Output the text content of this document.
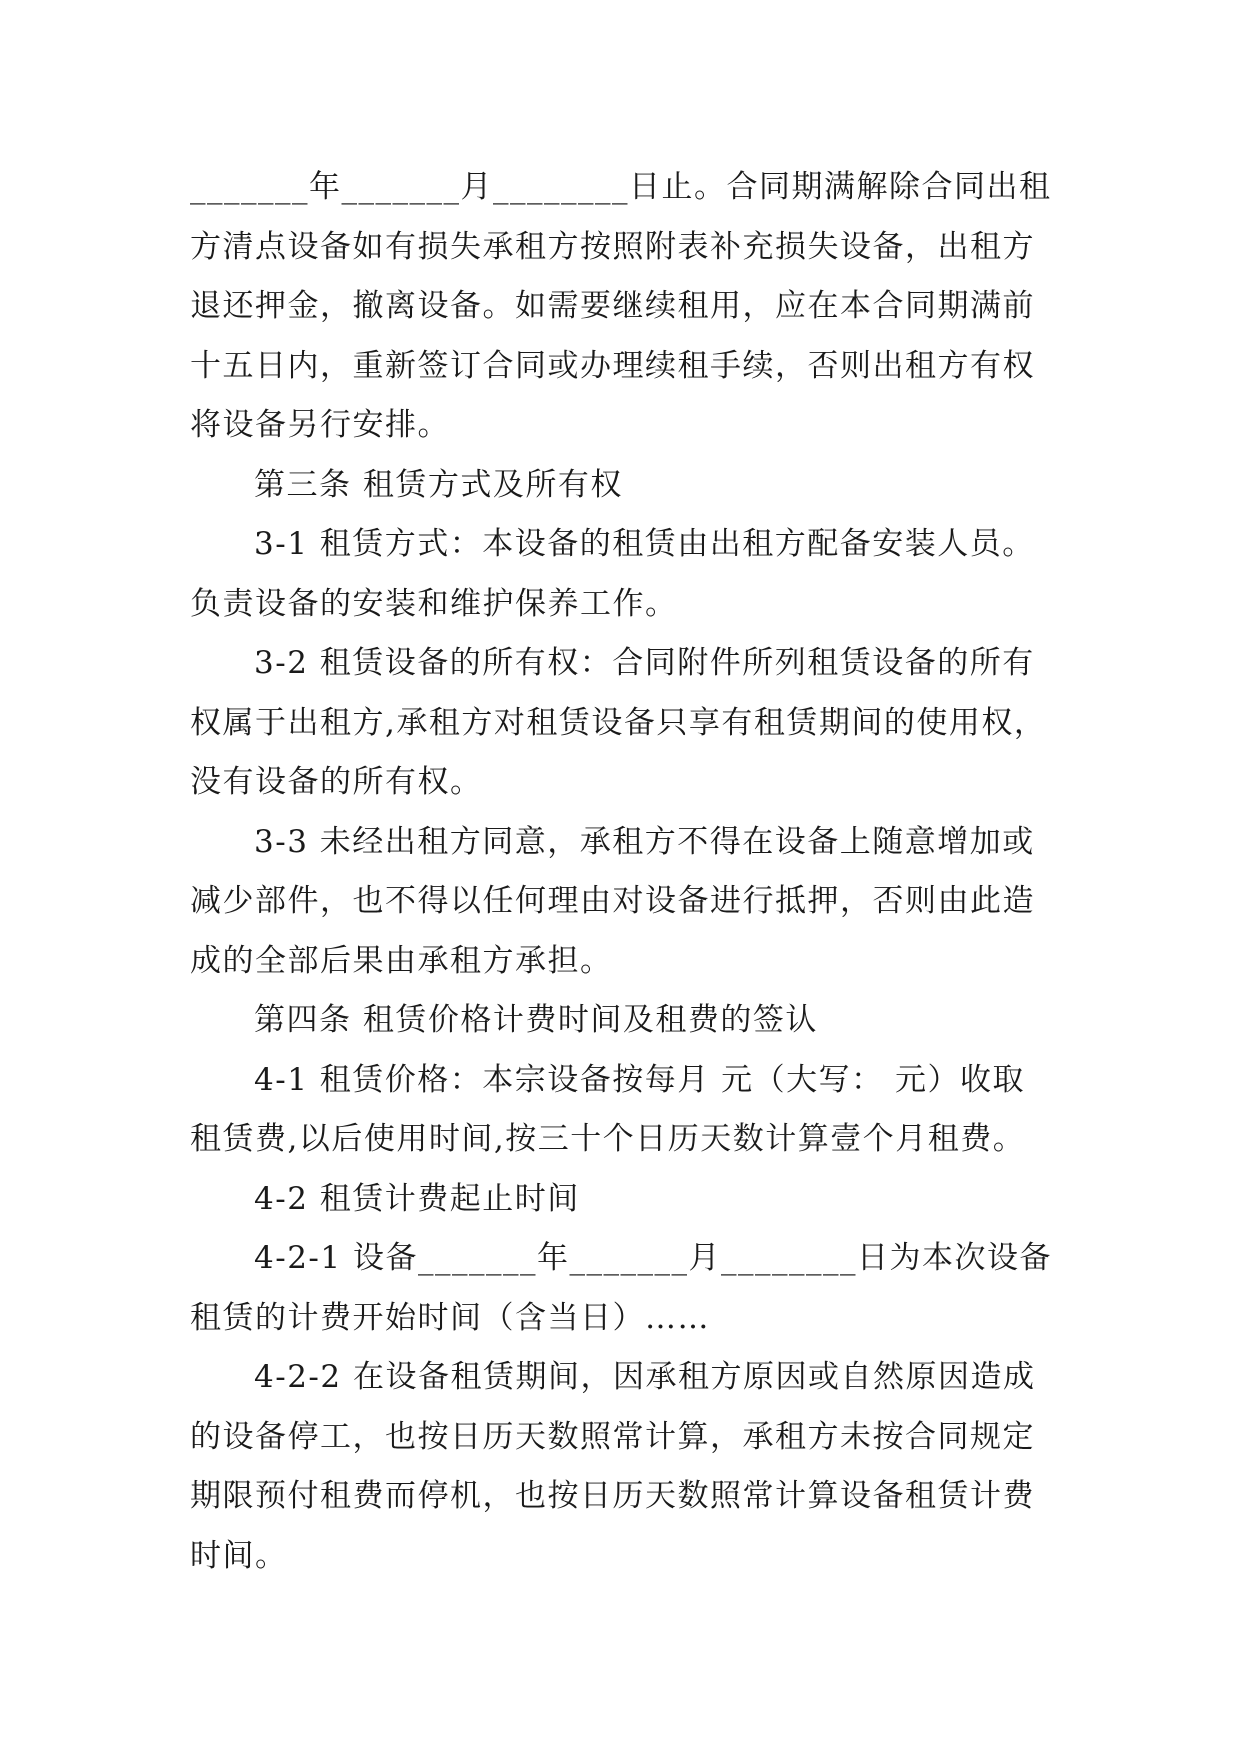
_______年_______月________日止。合同期满解除合同出租
方清点设备如有损失承租方按照附表补充损失设备，出租方
退还押金，撤离设备。如需要继续租用，应在本合同期满前
十五日内，重新签订合同或办理续租手续，否则出租方有权
将设备另行安排。
第三条 租赁方式及所有权
3-1 租赁方式：本设备的租赁由出租方配备安装人员。
负责设备的安装和维护保养工作。
3-2 租赁设备的所有权：合同附件所列租赁设备的所有
权属于出租方,承租方对租赁设备只享有租赁期间的使用权，
没有设备的所有权。
3-3 未经出租方同意，承租方不得在设备上随意增加或
减少部件，也不得以任何理由对设备进行抵押，否则由此造
成的全部后果由承租方承担。
第四条 租赁价格计费时间及租费的签认
4-1 租赁价格：本宗设备按每月 元（大写： 元）收取
租赁费,以后使用时间,按三十个日历天数计算壹个月租费。
4-2 租赁计费起止时间
4-2-1 设备_______年_______月________日为本次设备
租赁的计费开始时间（含当日）……
4-2-2 在设备租赁期间，因承租方原因或自然原因造成
的设备停工，也按日历天数照常计算，承租方未按合同规定
期限预付租费而停机，也按日历天数照常计算设备租赁计费
时间。
